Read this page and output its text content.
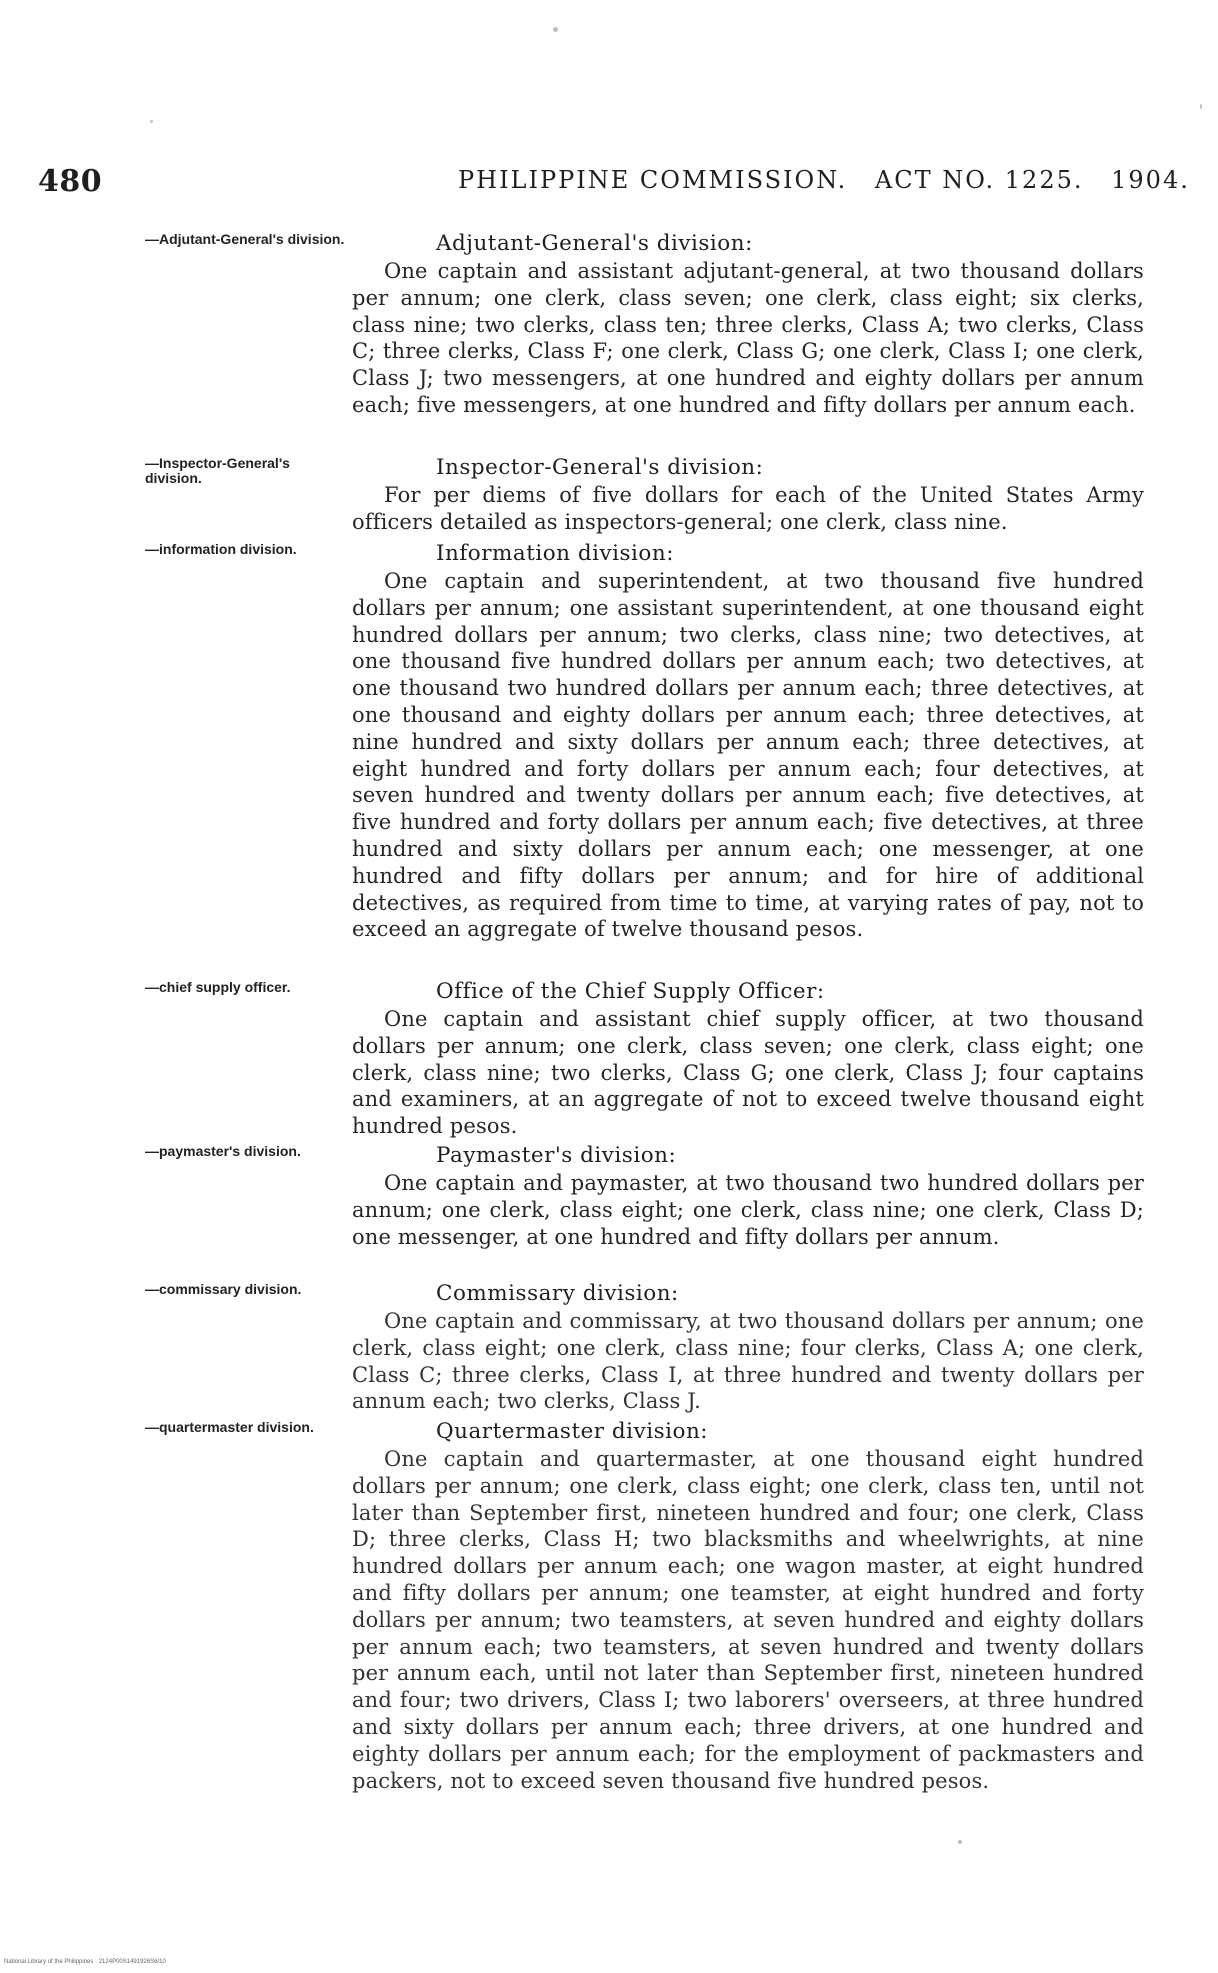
480	PHILIPPINE COMMISSION. ACT NO. 1225. 1904.
—Adjutant-General's division.
—Inspector-General's division.
—information division.
—chief supply officer.
—paymaster's division.
—commissary division.
—quartermaster division.
Adjutant-General's division:
One captain and assistant adjutant-general, at two thousand dollars per annum; one clerk, class seven; one clerk, class eight; six clerks, class nine; two clerks, class ten; three clerks, Class A; two clerks, Class C; three clerks, Class F; one clerk, Class G; one clerk, Class I; one clerk, Class J; two messengers, at one hundred and eighty dollars per annum each; five messengers, at one hundred and fifty dollars per annum each.
Inspector-General's division:
For per diems of five dollars for each of the United States Army officers detailed as inspectors-general; one clerk, class nine.
Information division:
One captain and superintendent, at two thousand five hundred dollars per annum; one assistant superintendent, at one thousand eight hundred dollars per annum; two clerks, class nine; two detectives, at one thousand five hundred dollars per annum each; two detectives, at one thousand two hundred dollars per annum each; three detectives, at one thousand and eighty dollars per annum each; three detectives, at nine hundred and sixty dollars per annum each; three detectives, at eight hundred and forty dollars per annum each; four detectives, at seven hundred and twenty dollars per annum each; five detectives, at five hundred and forty dollars per annum each; five detectives, at three hundred and sixty dollars per annum each; one messenger, at one hundred and fifty dollars per annum; and for hire of additional detectives, as required from time to time, at varying rates of pay, not to exceed an aggregate of twelve thousand pesos.
Office of the Chief Supply Officer:
One captain and assistant chief supply officer, at two thousand dollars per annum; one clerk, class seven; one clerk, class eight; one clerk, class nine; two clerks, Class G; one clerk, Class J; four captains and examiners, at an aggregate of not to exceed twelve thousand eight hundred pesos.
Paymaster's division:
One captain and paymaster, at two thousand two hundred dollars per annum; one clerk, class eight; one clerk, class nine; one clerk, Class D; one messenger, at one hundred and fifty dollars per annum.
Commissary division:
One captain and commissary, at two thousand dollars per annum; one clerk, class eight; one clerk, class nine; four clerks, Class A; one clerk, Class C; three clerks, Class I, at three hundred and twenty dollars per annum each; two clerks, Class J.
Quartermaster division:
One captain and quartermaster, at one thousand eight hundred dollars per annum; one clerk, class eight; one clerk, class ten, until not later than September first, nineteen hundred and four; one clerk, Class D; three clerks, Class H; two blacksmiths and wheelwrights, at nine hundred dollars per annum each; one wagon master, at eight hundred and fifty dollars per annum; one teamster, at eight hundred and forty dollars per annum; two teamsters, at seven hundred and eighty dollars per annum each; two teamsters, at seven hundred and twenty dollars per annum each, until not later than September first, nineteen hundred and four; two drivers, Class I; two laborers' overseers, at three hundred and sixty dollars per annum each; three drivers, at one hundred and eighty dollars per annum each; for the employment of packmasters and packers, not to exceed seven thousand five hundred pesos.
National Library of the Philippines · 2124P00S1491926S6/10
